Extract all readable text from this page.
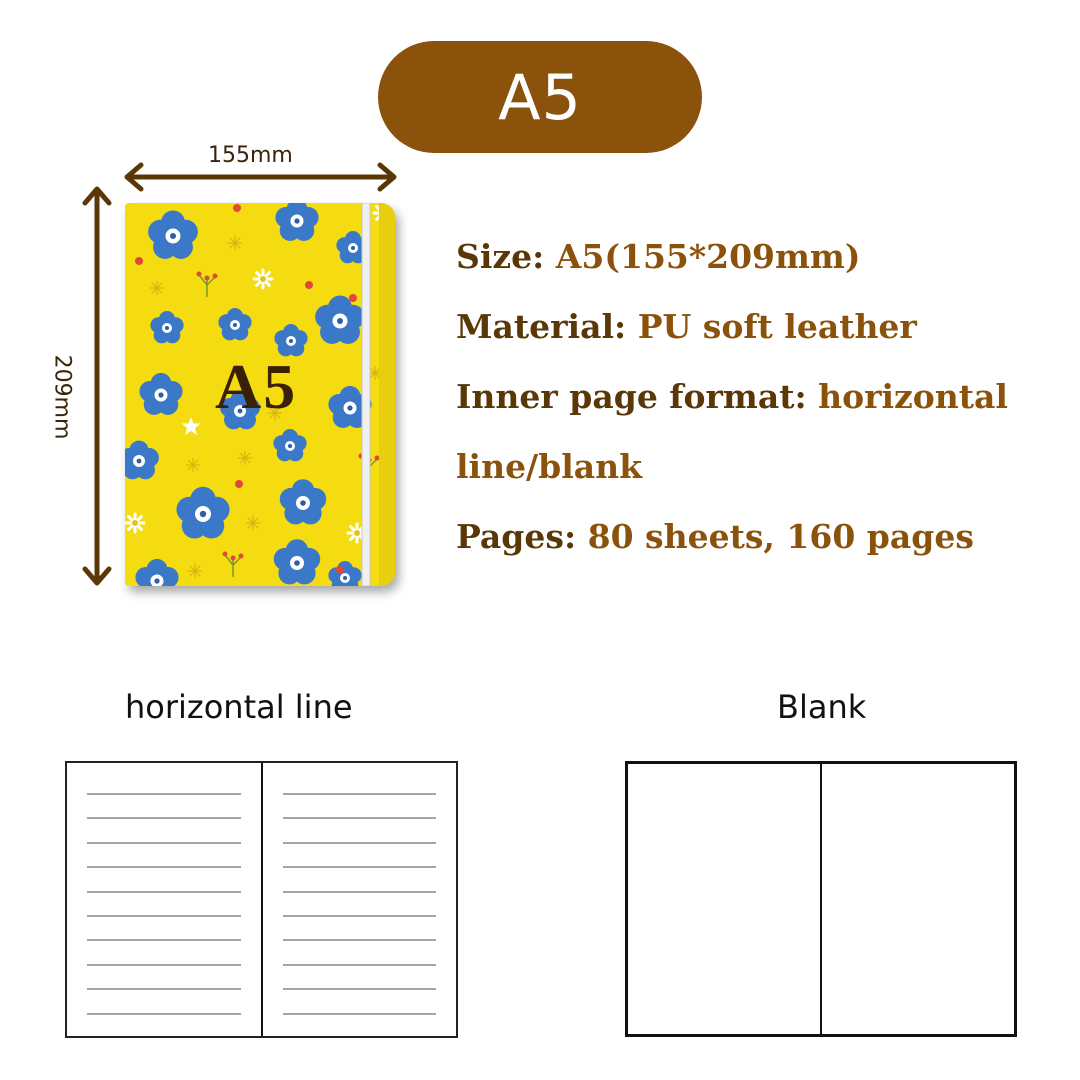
A5
155mm
209mm A5

Size: A5(155*209mm)

Material: PU soft leather

Inner page format: horizontal

line/blank

Pages: 80 sheets, 160 pages

horizontal line	Blank
